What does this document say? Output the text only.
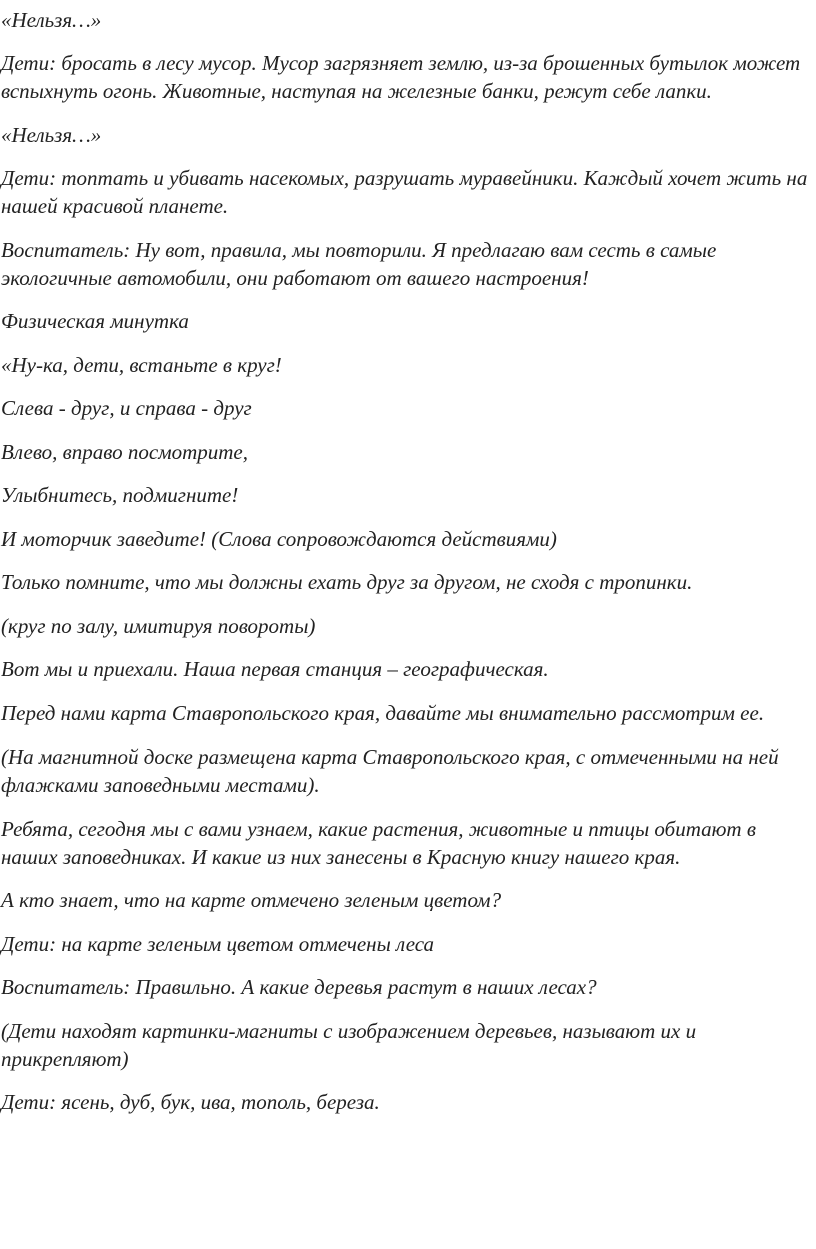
«Нельзя…»

Дети: бросать в лесу мусор. Мусор загрязняет землю, из-за брошенных бутылок может вспыхнуть огонь. Животные, наступая на железные банки, режут себе лапки.

«Нельзя…»

Дети: топтать и убивать насекомых, разрушать муравейники. Каждый хочет жить на нашей красивой планете.

Воспитатель: Ну вот, правила, мы повторили. Я предлагаю вам сесть в самые экологичные автомобили, они работают от вашего настроения!

Физическая минутка

«Ну-ка, дети, встаньте в круг!

Слева - друг, и справа - друг

Влево, вправо посмотрите,

Улыбнитесь, подмигните!

И моторчик заведите! (Слова сопровождаются действиями)

Только помните, что мы должны ехать друг за другом, не сходя с тропинки.

(круг по залу, имитируя повороты)

Вот мы и приехали. Наша первая станция – географическая.

Перед нами карта Ставропольского края, давайте мы внимательно рассмотрим ее.

(На магнитной доске размещена карта Ставропольского края, с отмеченными на ней флажками заповедными местами).

Ребята, сегодня мы с вами узнаем, какие растения, животные и птицы обитают в наших заповедниках. И какие из них занесены в Красную книгу нашего края.

А кто знает, что на карте отмечено зеленым цветом?

Дети: на карте зеленым цветом отмечены леса

Воспитатель: Правильно. А какие деревья растут в наших лесах?

(Дети находят картинки-магниты с изображением деревьев, называют их и прикрепляют)

Дети: ясень, дуб, бук, ива, тополь, береза.
